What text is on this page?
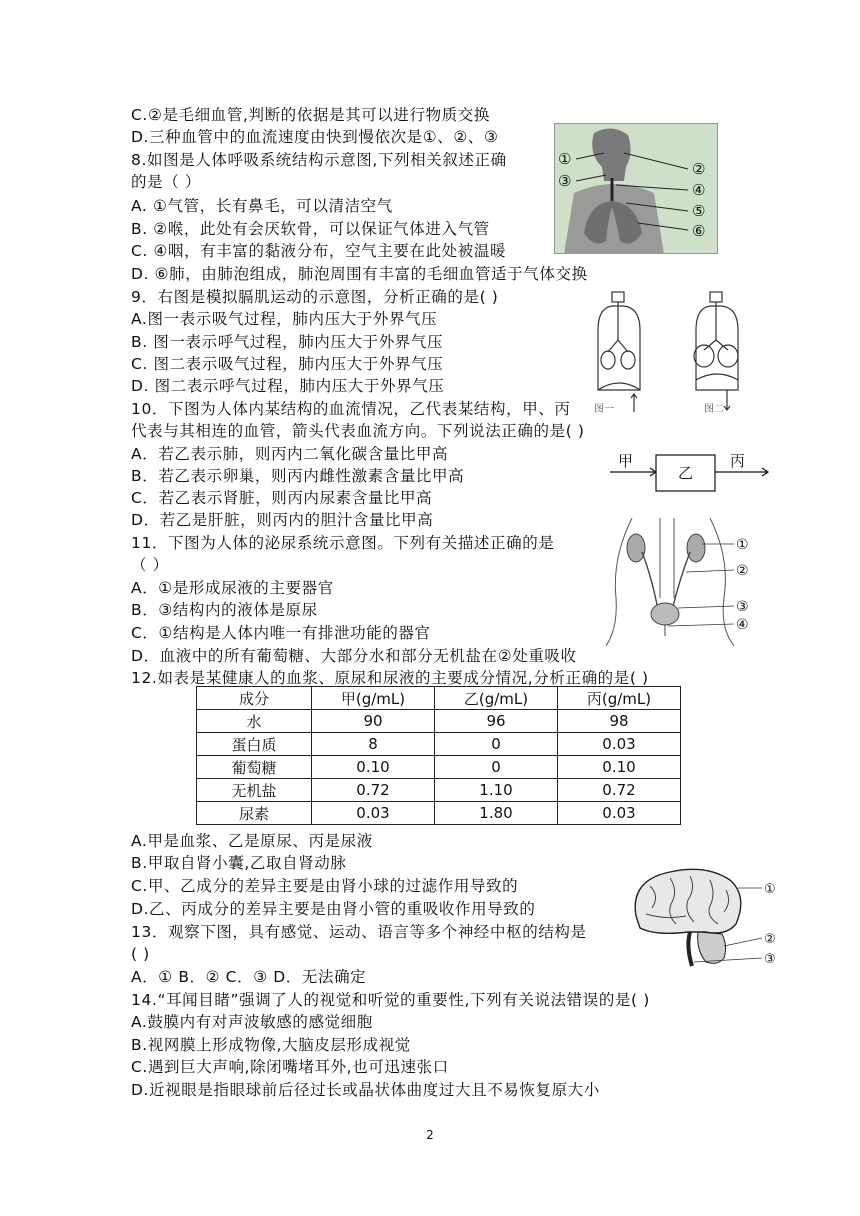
C.②是毛细血管,判断的依据是其可以进行物质交换
D.三种血管中的血流速度由快到慢依次是①、②、③
8.如图是人体呼吸系统结构示意图,下列相关叙述正确
的是（ ）
A. ①气管，长有鼻毛，可以清洁空气
B. ②喉，此处有会厌软骨，可以保证气体进入气管
C. ④咽，有丰富的黏液分布，空气主要在此处被温暖
D. ⑥肺，由肺泡组成，肺泡周围有丰富的毛细血管适于气体交换
9．右图是模拟膈肌运动的示意图，分析正确的是( )
A.图一表示吸气过程，肺内压大于外界气压
B. 图一表示呼气过程，肺内压大于外界气压
C. 图二表示吸气过程，肺内压大于外界气压
D. 图二表示呼气过程，肺内压大于外界气压
10．下图为人体内某结构的血流情况，乙代表某结构，甲、丙
代表与其相连的血管，箭头代表血流方向。下列说法正确的是( )
A．若乙表示肺，则丙内二氧化碳含量比甲高
B．若乙表示卵巢，则丙内雌性激素含量比甲高
C．若乙表示肾脏，则丙内尿素含量比甲高
D．若乙是肝脏，则丙内的胆汁含量比甲高
11．下图为人体的泌尿系统示意图。下列有关描述正确的是
（ ）
A．①是形成尿液的主要器官
B．③结构内的液体是原尿
C．①结构是人体内唯一有排泄功能的器官
D．血液中的所有葡萄糖、大部分水和部分无机盐在②处重吸收
12.如表是某健康人的血浆、原尿和尿液的主要成分情况,分析正确的是( )
①
②
③	④
⑤
⑥
图一	图二
甲
乙
丙
①
②
③
④
成分	甲(g/mL)	乙(g/mL)	丙(g/mL)
水	90	96	98
蛋白质	8	0	0.03
葡萄糖	0.10	0	0.10
无机盐	0.72	1.10	0.72
尿素	0.03	1.80	0.03
①
②
③
A.甲是血浆、乙是原尿、丙是尿液
B.甲取自肾小囊,乙取自肾动脉
C.甲、乙成分的差异主要是由肾小球的过滤作用导致的
D.乙、丙成分的差异主要是由肾小管的重吸收作用导致的
13．观察下图，具有感觉、运动、语言等多个神经中枢的结构是
( )
A．① B．② C．③ D．无法确定
14.“耳闻目睹”强调了人的视觉和听觉的重要性,下列有关说法错误的是( )
A.鼓膜内有对声波敏感的感觉细胞
B.视网膜上形成物像,大脑皮层形成视觉
C.遇到巨大声响,除闭嘴堵耳外,也可迅速张口
D.近视眼是指眼球前后径过长或晶状体曲度过大且不易恢复原大小
2
